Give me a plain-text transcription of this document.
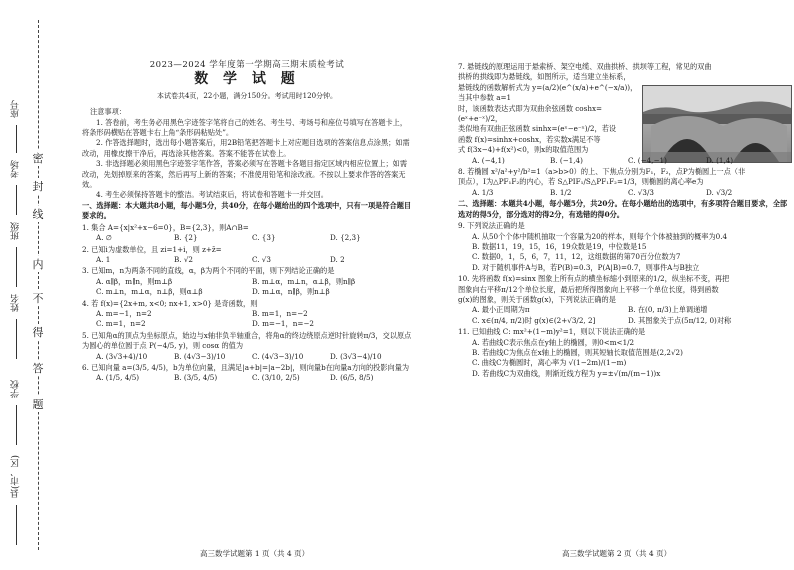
密
封
线
内
不
得
答
题
座号
考场
班级
姓名
学校
县(市、区)
2023—2024 学年度第一学期高三期末质检考试
数 学 试 题
本试卷共4页，22小题，满分150分。考试用时120分钟。
注意事项：
1. 答卷前，考生务必用黑色字迹签字笔将自己的姓名、考生号、考场号和座位号填写在答题卡上，将条形码横贴在答题卡右上角“条形码粘贴处”。
2. 作答选择题时，选出每小题答案后，用2B铅笔把答题卡上对应题目选项的答案信息点涂黑；如需改动，用橡皮擦干净后，再选涂其他答案。答案不能答在试卷上。
3. 非选择题必须用黑色字迹签字笔作答，答案必须写在答题卡各题目指定区域内相应位置上；如需改动，先划掉原来的答案，然后再写上新的答案；不准使用铅笔和涂改液。不按以上要求作答的答案无效。
4. 考生必须保持答题卡的整洁。考试结束后，将试卷和答题卡一并交回。
一、选择题：本大题共8小题，每小题5分，共40分，在每小题给出的四个选项中，只有一项是符合题目要求的。
1. 集合 A={x|x²+x−6=0}，B={2,3}，则A∩B=
A. ∅	B. {2}	C. {3}	D. {2,3}
2. 已知i为虚数单位，且 zi=1+i，则 z+z̄=
A. 1	B. √2	C. √3	D. 2
3. 已知m，n为两条不同的直线，α，β为两个不同的平面，则下列结论正确的是
A. α∥β，m∥n，则m⊥β	B. m⊥α，m⊥n，α⊥β，则n∥β
C. m⊥n，m⊥α，n⊥β，则α⊥β	D. m⊥α，n∥β，则n⊥β
4. 若 f(x)={2x+m, x<0; nx+1, x>0} 是奇函数，则
A. m=−1，n=2	B. m=1，n=−2
C. m=1，n=2	D. m=−1，n=−2
5. 已知角α的顶点为坐标原点，始边与x轴非负半轴重合，将角α的终边绕原点逆时针旋转π/3，交以原点为圆心的单位圆于点 P(−4/5, y)，则 cosα 的值为
A. (3√3+4)/10	B. (4√3−3)/10	C. (4√3−3)/10	D. (3√3−4)/10
6. 已知向量 a=(3/5, 4/5)，b为单位向量，且满足|a+b|=|a−2b|，则向量b在向量a方向的投影向量为
A. (1/5, 4/5)	B. (3/5, 4/5)	C. (3/10, 2/5)	D. (6/5, 8/5)
7. 悬链线的原理运用于悬索桥、架空电缆、双曲拱桥、拱坝等工程，常见的双曲
拱桥的拱线即为悬链线，如图所示，适当建立坐标系，
悬链线的函数解析式为 y=(a/2)(e^(x/a)+e^(−x/a))，当其中参数 a=1
时，该函数表达式即为双曲余弦函数 coshx=(eˣ+e⁻ˣ)/2，
类似地有双曲正弦函数 sinhx=(eˣ−e⁻ˣ)/2，若设
函数 f(x)=sinhx+coshx，若实数x满足不等
式 f(3x−4)+f(x²)<0，则x的取值范围为
A. (−4,1)	B. (−1,4)	C. (−4,−1)	D. (1,4)
8. 若椭圆 x²/a²+y²/b²=1（a>b>0）的上、下焦点分别为F₁，F₂，点P为椭圆上一点（非
顶点），I为△PF₁F₂的内心，若 S△PIF₁/S△PF₁F₂=1/3，则椭圆的离心率e为
A. 1/3	B. 1/2	C. √3/3	D. √3/2
二、选择题：本题共4小题，每小题5分，共20分。在每小题给出的选项中，有多项符合题目要求，全部选对的得5分，部分选对的得2分，有选错的得0分。
9. 下列说法正确的是
A. 从50个个体中随机抽取一个容量为20的样本，则每个个体被抽到的概率为0.4
B. 数据11，19，15，16，19众数是19，中位数是15
C. 数据0，1，5，6，7，11，12，这组数据的第70百分位数为7
D. 对于随机事件A与B，若P(B)=0.3，P(A|B)=0.7，则事件A与B独立
10. 先将函数 f(x)=sinx 图象上所有点的横坐标缩小到原来的1/2，纵坐标不变，再把
图象向右平移π/12个单位长度，最后把所得图象向上平移一个单位长度，得到函数
g(x)的图象，则关于函数g(x)，下列说法正确的是
A. 最小正周期为π	B. 在(0, π/3)上单调递增
C. x∈(π/4, π/2)时 g(x)∈(2+√3/2, 2]	D. 其图象关于点(5π/12, 0)对称
11. 已知曲线 C: mx²+(1−m)y²=1，则以下说法正确的是
A. 若曲线C表示焦点在y轴上的椭圆，则0<m<1/2
B. 若曲线C为焦点在x轴上的椭圆，则其短轴长取值范围是(2,2√2)
C. 曲线C为椭圆时，离心率为 √(1−2m)/(1−m)
D. 若曲线C为双曲线，则渐近线方程为 y=±√(m/(m−1))x
高三数学试题第 1 页（共 4 页）	高三数学试题第 2 页（共 4 页）
